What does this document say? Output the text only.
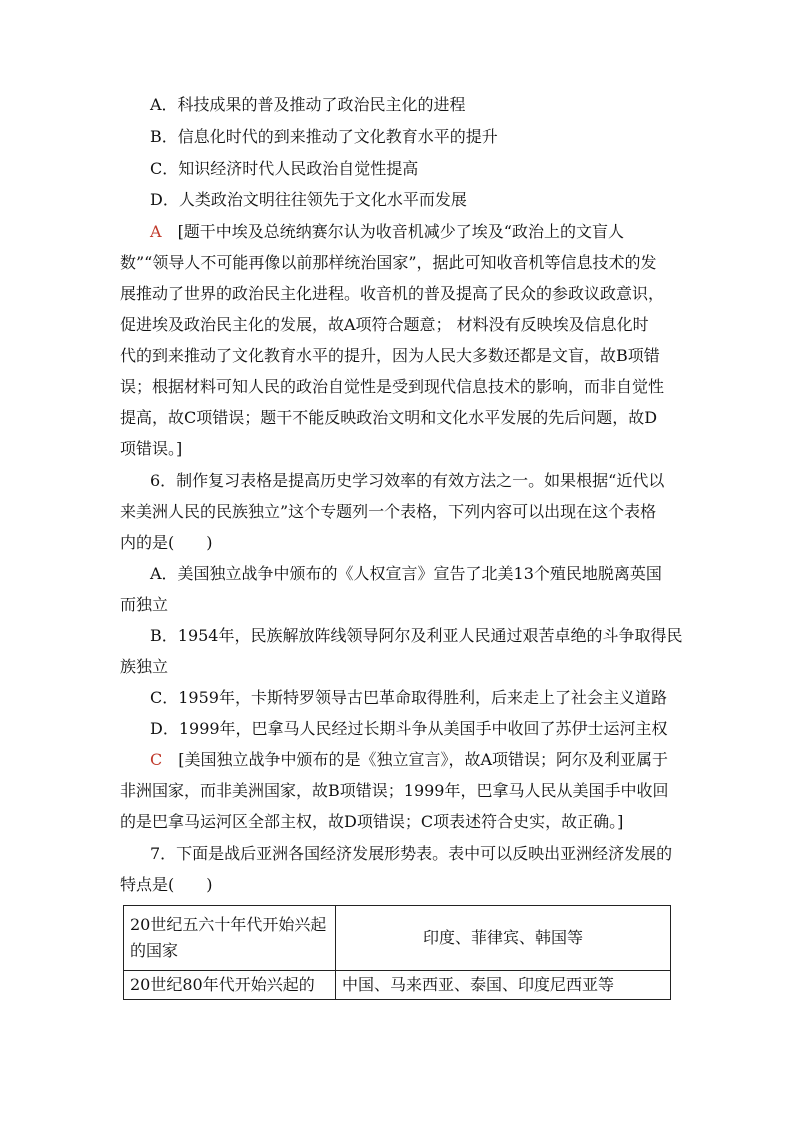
A．科技成果的普及推动了政治民主化的进程

B．信息化时代的到来推动了文化教育水平的提升

C．知识经济时代人民政治自觉性提高

D．人类政治文明往往领先于文化水平而发展

A [题干中埃及总统纳赛尔认为收音机减少了埃及“政治上的文盲人

数”“领导人不可能再像以前那样统治国家”，据此可知收音机等信息技术的发

展推动了世界的政治民主化进程。收音机的普及提高了民众的参政议政意识，

促进埃及政治民主化的发展，故A项符合题意； 材料没有反映埃及信息化时

代的到来推动了文化教育水平的提升，因为人民大多数还都是文盲，故B项错

误；根据材料可知人民的政治自觉性是受到现代信息技术的影响，而非自觉性

提高，故C项错误；题干不能反映政治文明和文化水平发展的先后问题，故D

项错误。]

6．制作复习表格是提高历史学习效率的有效方法之一。如果根据“近代以

来美洲人民的民族独立”这个专题列一个表格，下列内容可以出现在这个表格

内的是(　　)

A．美国独立战争中颁布的《人权宣言》宣告了北美13个殖民地脱离英国

而独立

B．1954年，民族解放阵线领导阿尔及利亚人民通过艰苦卓绝的斗争取得民

族独立

C．1959年，卡斯特罗领导古巴革命取得胜利，后来走上了社会主义道路

D．1999年，巴拿马人民经过长期斗争从美国手中收回了苏伊士运河主权

C [美国独立战争中颁布的是《独立宣言》，故A项错误；阿尔及利亚属于

非洲国家，而非美洲国家，故B项错误；1999年，巴拿马人民从美国手中收回

的是巴拿马运河区全部主权，故D项错误；C项表述符合史实，故正确。]

7．下面是战后亚洲各国经济发展形势表。表中可以反映出亚洲经济发展的

特点是(　　)

20世纪五六十年代开始兴起的国家	印度、菲律宾、韩国等
20世纪80年代开始兴起的	中国、马来西亚、泰国、印度尼西亚等
